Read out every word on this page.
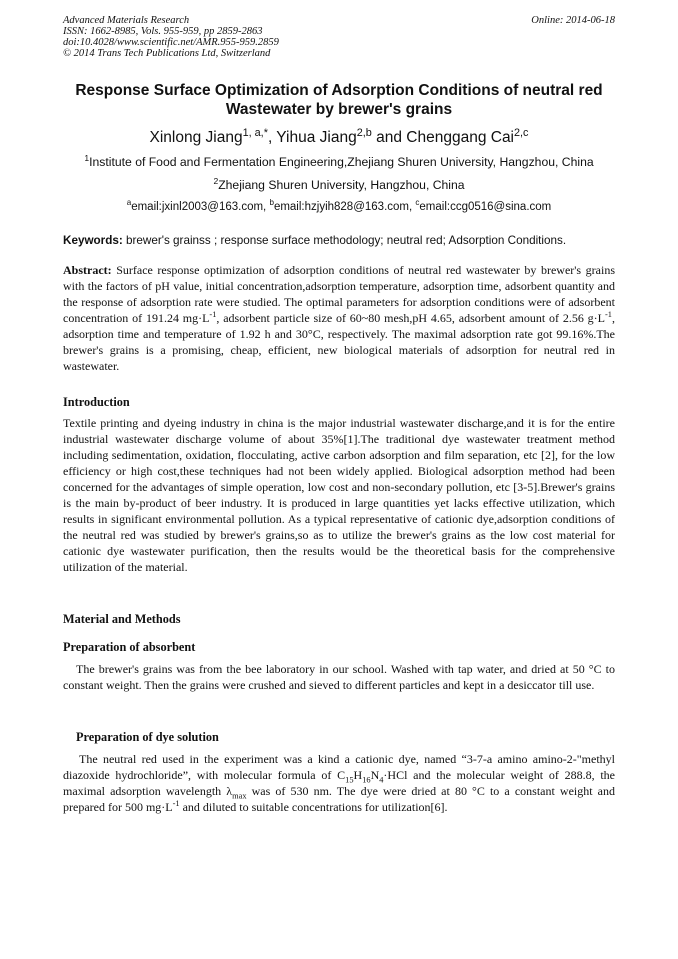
Advanced Materials Research
ISSN: 1662-8985, Vols. 955-959, pp 2859-2863
doi:10.4028/www.scientific.net/AMR.955-959.2859
© 2014 Trans Tech Publications Ltd, Switzerland
Online: 2014-06-18
Response Surface Optimization of Adsorption Conditions of neutral red
Wastewater by brewer's grains
Xinlong Jiang$^{1, a,*}$, Yihua Jiang$^{2,b}$ and Chenggang Cai$^{2,c}$
$^1$Institute of Food and Fermentation Engineering,Zhejiang Shuren University, Hangzhou, China
$^2$Zhejiang Shuren University, Hangzhou, China
$^a$email:jxinl2003@163.com, $^b$email:hzjyih828@163.com, $^c$email:ccg0516@sina.com
Keywords: brewer's grainss ; response surface methodology; neutral red; Adsorption Conditions.
Abstract: Surface response optimization of adsorption conditions of neutral red wastewater by brewer's grains with the factors of pH value, initial concentration,adsorption temperature, adsorption time, adsorbent quantity and the response of adsorption rate were studied. The optimal parameters for adsorption conditions were of adsorbent concentration of 191.24 $mg\cdot L^{-1}$, adsorbent particle size of 60~80 mesh,pH 4.65, adsorbent amount of 2.56 $g\cdot L^{-1}$, adsorption time and temperature of 1.92 h and 30°C, respectively. The maximal adsorption rate got 99.16%.The brewer's grains is a promising, cheap, efficient, new biological materials of adsorption for neutral red in wastewater.
Introduction
Textile printing and dyeing industry in china is the major industrial wastewater discharge,and it is for the entire industrial wastewater discharge volume of about 35%[1].The traditional dye wastewater treatment method including sedimentation, oxidation, flocculating, active carbon adsorption and film separation, etc [2], for the low efficiency or high cost,these techniques had not been widely applied. Biological adsorption method had been concerned for the advantages of simple operation, low cost and non-secondary pollution, etc [3-5].Brewer's grains is the main by-product of beer industry. It is produced in large quantities yet lacks effective utilization, which results in significant environmental pollution. As a typical representative of cationic dye,adsorption conditions of the neutral red was studied by brewer's grains,so as to utilize the brewer's grains as the low cost material for cationic dye wastewater purification, then the results would be the theoretical basis for the comprehensive utilization of the material.
Material and Methods
Preparation of absorbent
The brewer's grains was from the bee laboratory in our school. Washed with tap water, and dried at 50 °C to constant weight. Then the grains were crushed and sieved to different particles and kept in a desiccator till use.
Preparation of dye solution
The neutral red used in the experiment was a kind a cationic dye, named “3-7-a amino amino-2-"methyl diazoxide hydrochloride”, with molecular formula of $C_{15}H_{16}N_4\cdot HCl$ and the molecular weight of 288.8, the maximal adsorption wavelength $\lambda_{max}$ was of 530 nm. The dye were dried at 80 °C to a constant weight and prepared for 500 $mg\cdot L^{-1}$ and diluted to suitable concentrations for utilization[6].
